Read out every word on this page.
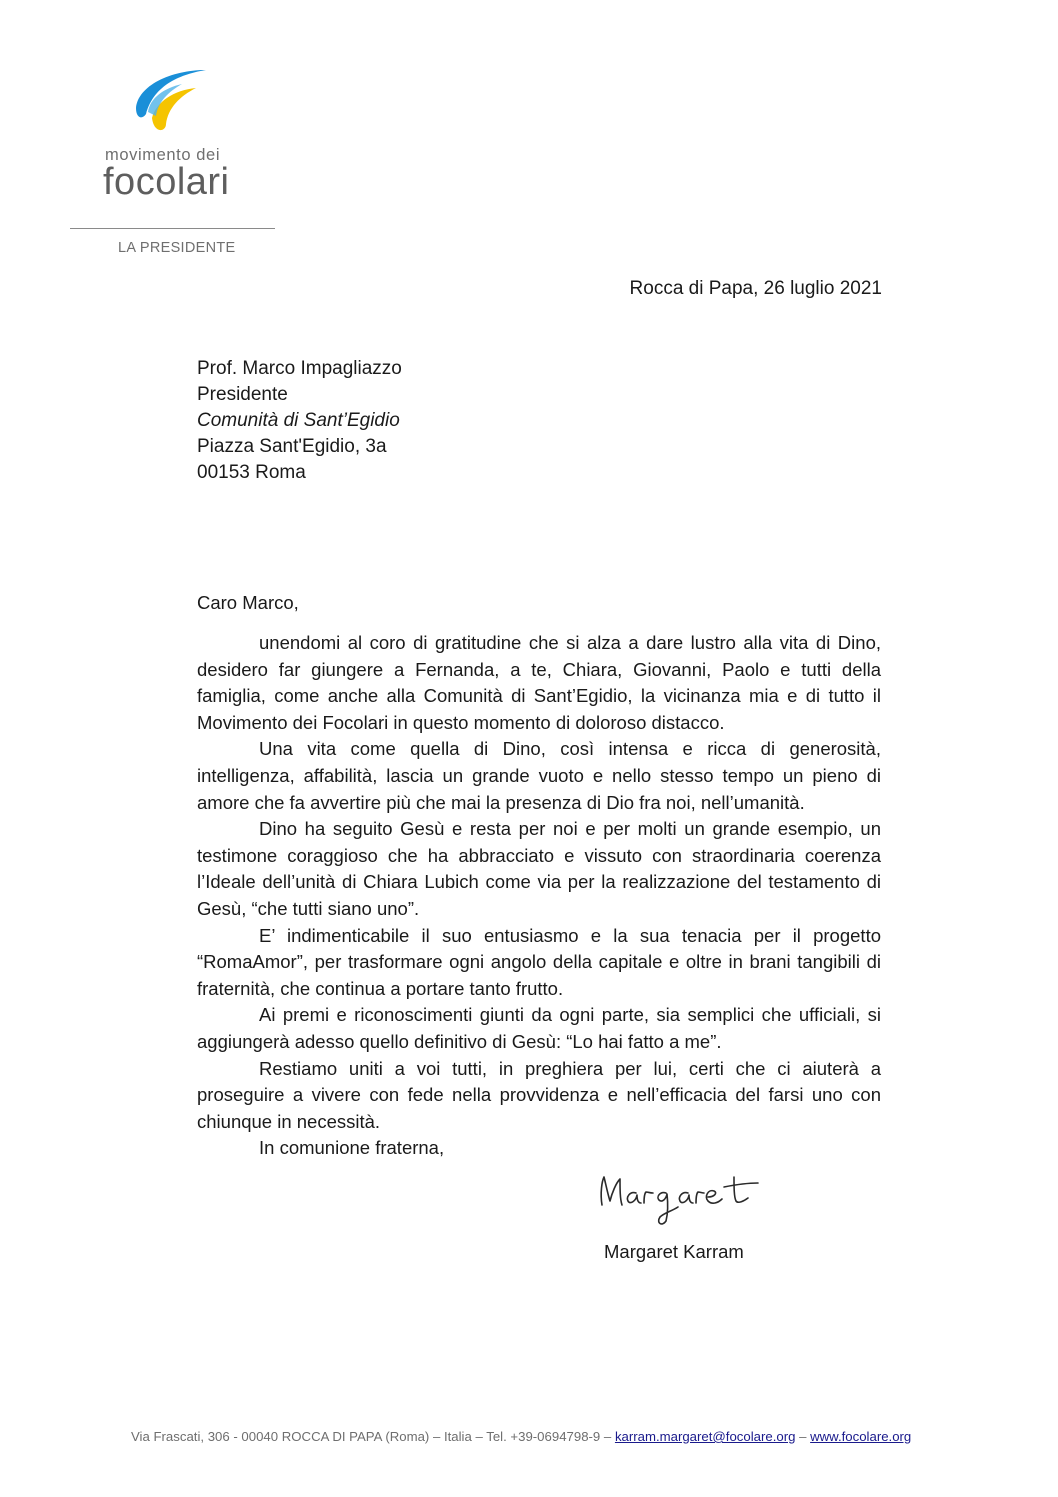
movimento dei
focolari
LA PRESIDENTE
Rocca di Papa, 26 luglio 2021
Prof. Marco Impagliazzo
Presidente
Comunità di Sant’Egidio
Piazza Sant'Egidio, 3a
00153 Roma
Caro Marco,

unendomi al coro di gratitudine che si alza a dare lustro alla vita di Dino, desidero far giungere a Fernanda, a te, Chiara, Giovanni, Paolo e tutti della famiglia, come anche alla Comunità di Sant’Egidio, la vicinanza mia e di tutto il Movimento dei Focolari in questo momento di doloroso distacco.

Una vita come quella di Dino, così intensa e ricca di generosità, intelligenza, affabilità, lascia un grande vuoto e nello stesso tempo un pieno di amore che fa avvertire più che mai la presenza di Dio fra noi, nell’umanità.

Dino ha seguito Gesù e resta per noi e per molti un grande esempio, un testimone coraggioso che ha abbracciato e vissuto con straordinaria coerenza l’Ideale dell’unità di Chiara Lubich come via per la realizzazione del testamento di Gesù, “che tutti siano uno”.

E’ indimenticabile il suo entusiasmo e la sua tenacia per il progetto “RomaAmor”, per trasformare ogni angolo della capitale e oltre in brani tangibili di fraternità, che continua a portare tanto frutto.

Ai premi e riconoscimenti giunti da ogni parte, sia semplici che ufficiali, si aggiungerà adesso quello definitivo di Gesù: “Lo hai fatto a me”.

Restiamo uniti a voi tutti, in preghiera per lui, certi che ci aiuterà a proseguire a vivere con fede nella provvidenza e nell’efficacia del farsi uno con chiunque in necessità.

In comunione fraterna,

Margaret Karram
Via Frascati, 306 - 00040 ROCCA DI PAPA (Roma) – Italia – Tel. +39-0694798-9 – karram.margaret@focolare.org – www.focolare.org
